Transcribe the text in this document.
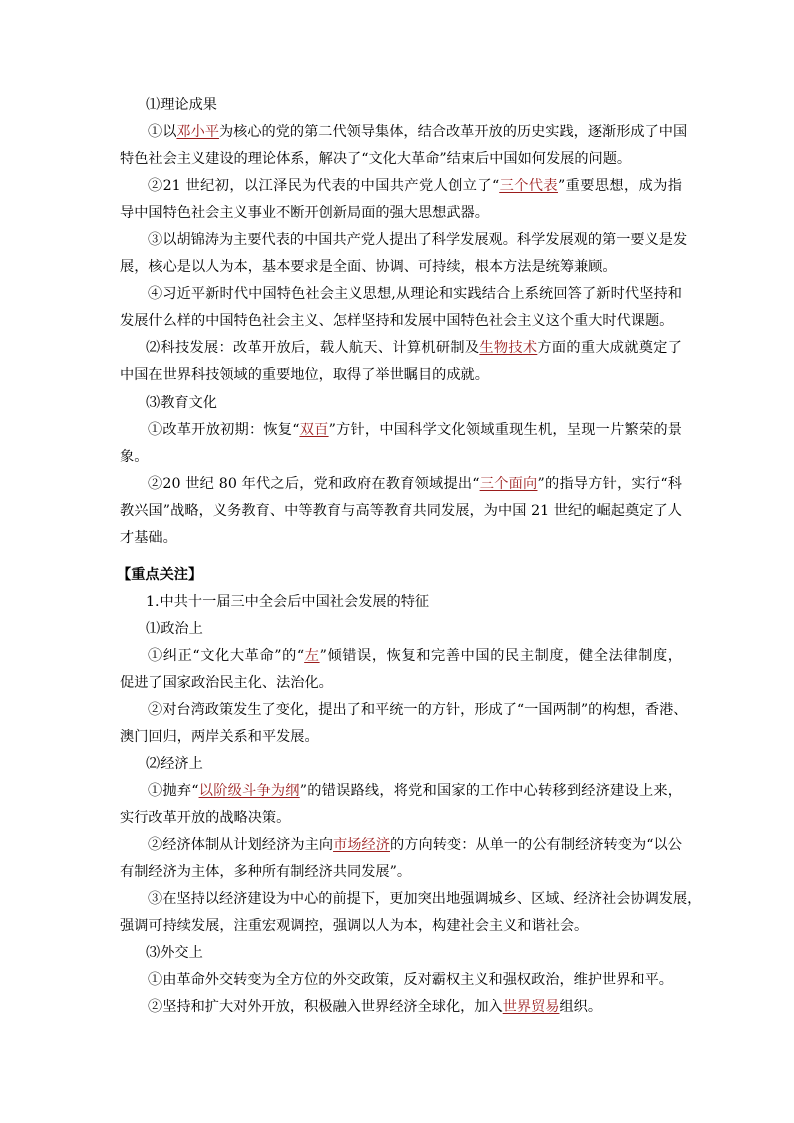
⑴理论成果
①以邓小平为核心的党的第二代领导集体，结合改革开放的历史实践，逐渐形成了中国
特色社会主义建设的理论体系，解决了“文化大革命”结束后中国如何发展的问题。
②21 世纪初，以江泽民为代表的中国共产党人创立了“三个代表”重要思想，成为指
导中国特色社会主义事业不断开创新局面的强大思想武器。
③以胡锦涛为主要代表的中国共产党人提出了科学发展观。科学发展观的第一要义是发
展，核心是以人为本，基本要求是全面、协调、可持续，根本方法是统筹兼顾。
④习近平新时代中国特色社会主义思想,从理论和实践结合上系统回答了新时代坚持和
发展什么样的中国特色社会主义、怎样坚持和发展中国特色社会主义这个重大时代课题。
⑵科技发展：改革开放后，载人航天、计算机研制及生物技术方面的重大成就奠定了
中国在世界科技领域的重要地位，取得了举世瞩目的成就。
⑶教育文化
①改革开放初期：恢复“双百”方针，中国科学文化领域重现生机，呈现一片繁荣的景
象。
②20 世纪 80 年代之后，党和政府在教育领域提出“三个面向”的指导方针，实行“科
教兴国”战略，义务教育、中等教育与高等教育共同发展，为中国 21 世纪的崛起奠定了人
才基础。
【重点关注】
1.中共十一届三中全会后中国社会发展的特征
⑴政治上
①纠正“文化大革命”的“左”倾错误，恢复和完善中国的民主制度，健全法律制度，
促进了国家政治民主化、法治化。
②对台湾政策发生了变化，提出了和平统一的方针，形成了“一国两制”的构想，香港、
澳门回归，两岸关系和平发展。
⑵经济上
①抛弃“以阶级斗争为纲”的错误路线，将党和国家的工作中心转移到经济建设上来，
实行改革开放的战略决策。
②经济体制从计划经济为主向市场经济的方向转变：从单一的公有制经济转变为“以公
有制经济为主体，多种所有制经济共同发展”。
③在坚持以经济建设为中心的前提下，更加突出地强调城乡、区域、经济社会协调发展，
强调可持续发展，注重宏观调控，强调以人为本，构建社会主义和谐社会。
⑶外交上
①由革命外交转变为全方位的外交政策，反对霸权主义和强权政治，维护世界和平。
②坚持和扩大对外开放，积极融入世界经济全球化，加入世界贸易组织。
